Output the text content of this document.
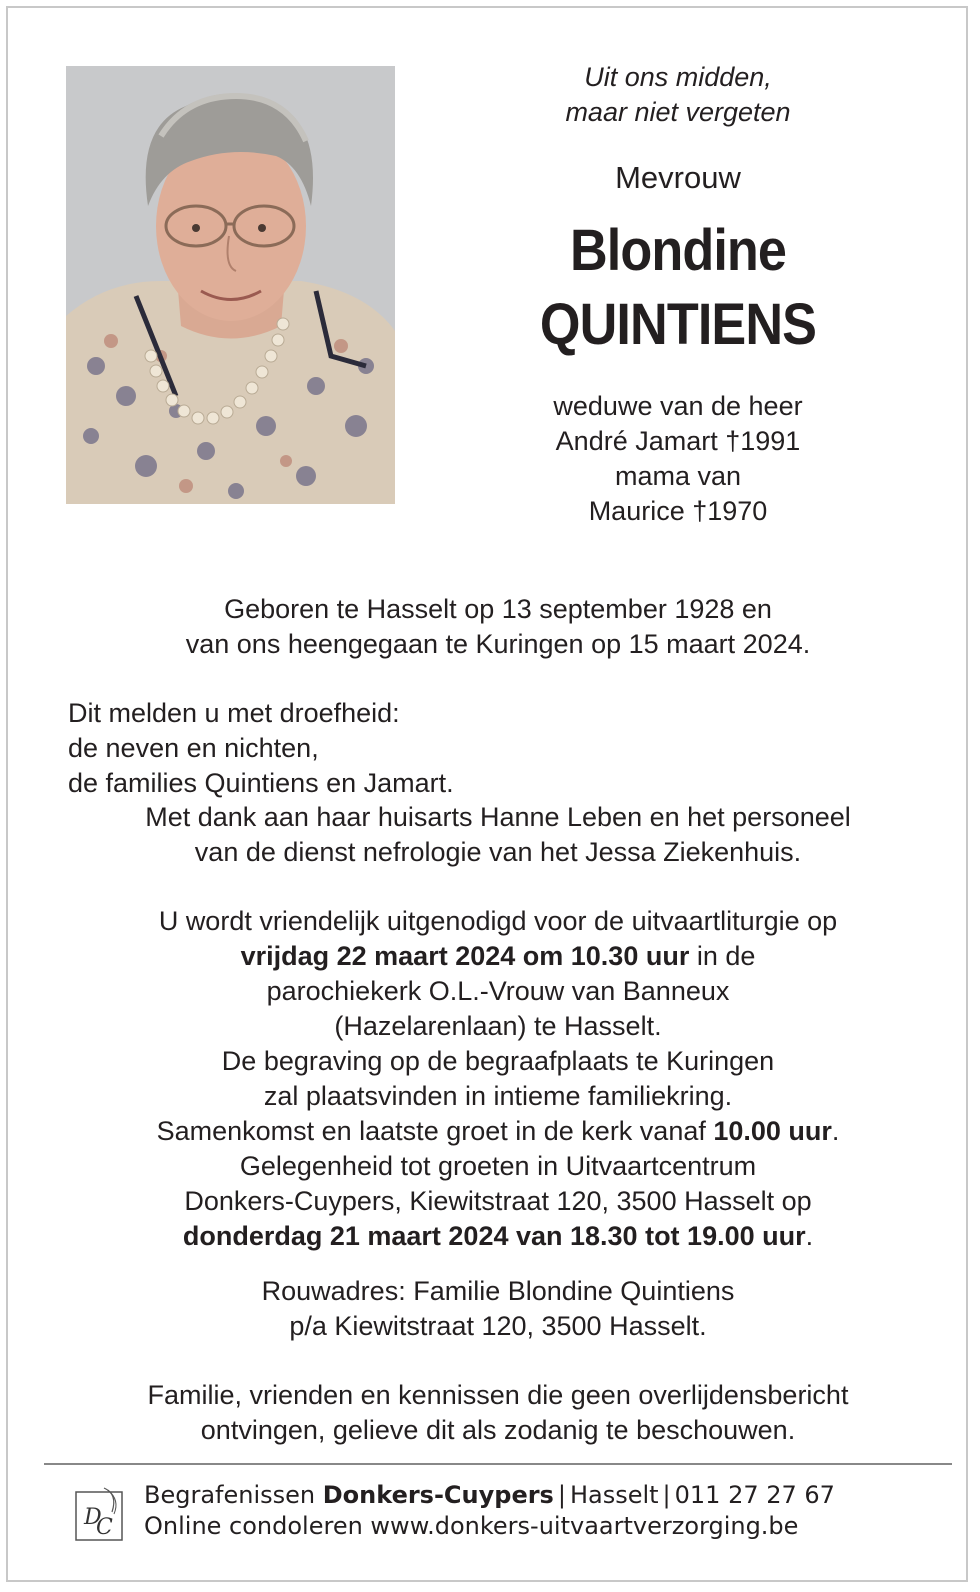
Uit ons midden,
maar niet vergeten
Mevrouw
Blondine
QUINTIENS
weduwe van de heer
André Jamart †1991
mama van
Maurice †1970
Geboren te Hasselt op 13 september 1928 en
van ons heengegaan te Kuringen op 15 maart 2024.
Dit melden u met droefheid:
de neven en nichten,
de families Quintiens en Jamart.
Met dank aan haar huisarts Hanne Leben en het personeel
van de dienst nefrologie van het Jessa Ziekenhuis.
U wordt vriendelijk uitgenodigd voor de uitvaartliturgie op
vrijdag 22 maart 2024 om 10.30 uur in de
parochiekerk O.L.-Vrouw van Banneux
(Hazelarenlaan) te Hasselt.
De begraving op de begraafplaats te Kuringen
zal plaatsvinden in intieme familiekring.
Samenkomst en laatste groet in de kerk vanaf 10.00 uur.
Gelegenheid tot groeten in Uitvaartcentrum
Donkers-Cuypers, Kiewitstraat 120, 3500 Hasselt op
donderdag 21 maart 2024 van 18.30 tot 19.00 uur.
Rouwadres: Familie Blondine Quintiens
p/a Kiewitstraat 120, 3500 Hasselt.
Familie, vrienden en kennissen die geen overlijdensbericht
ontvingen, gelieve dit als zodanig te beschouwen.
D
C
Begrafenissen Donkers-Cuypers | Hasselt | 011 27 27 67
Online condoleren www.donkers-uitvaartverzorging.be
